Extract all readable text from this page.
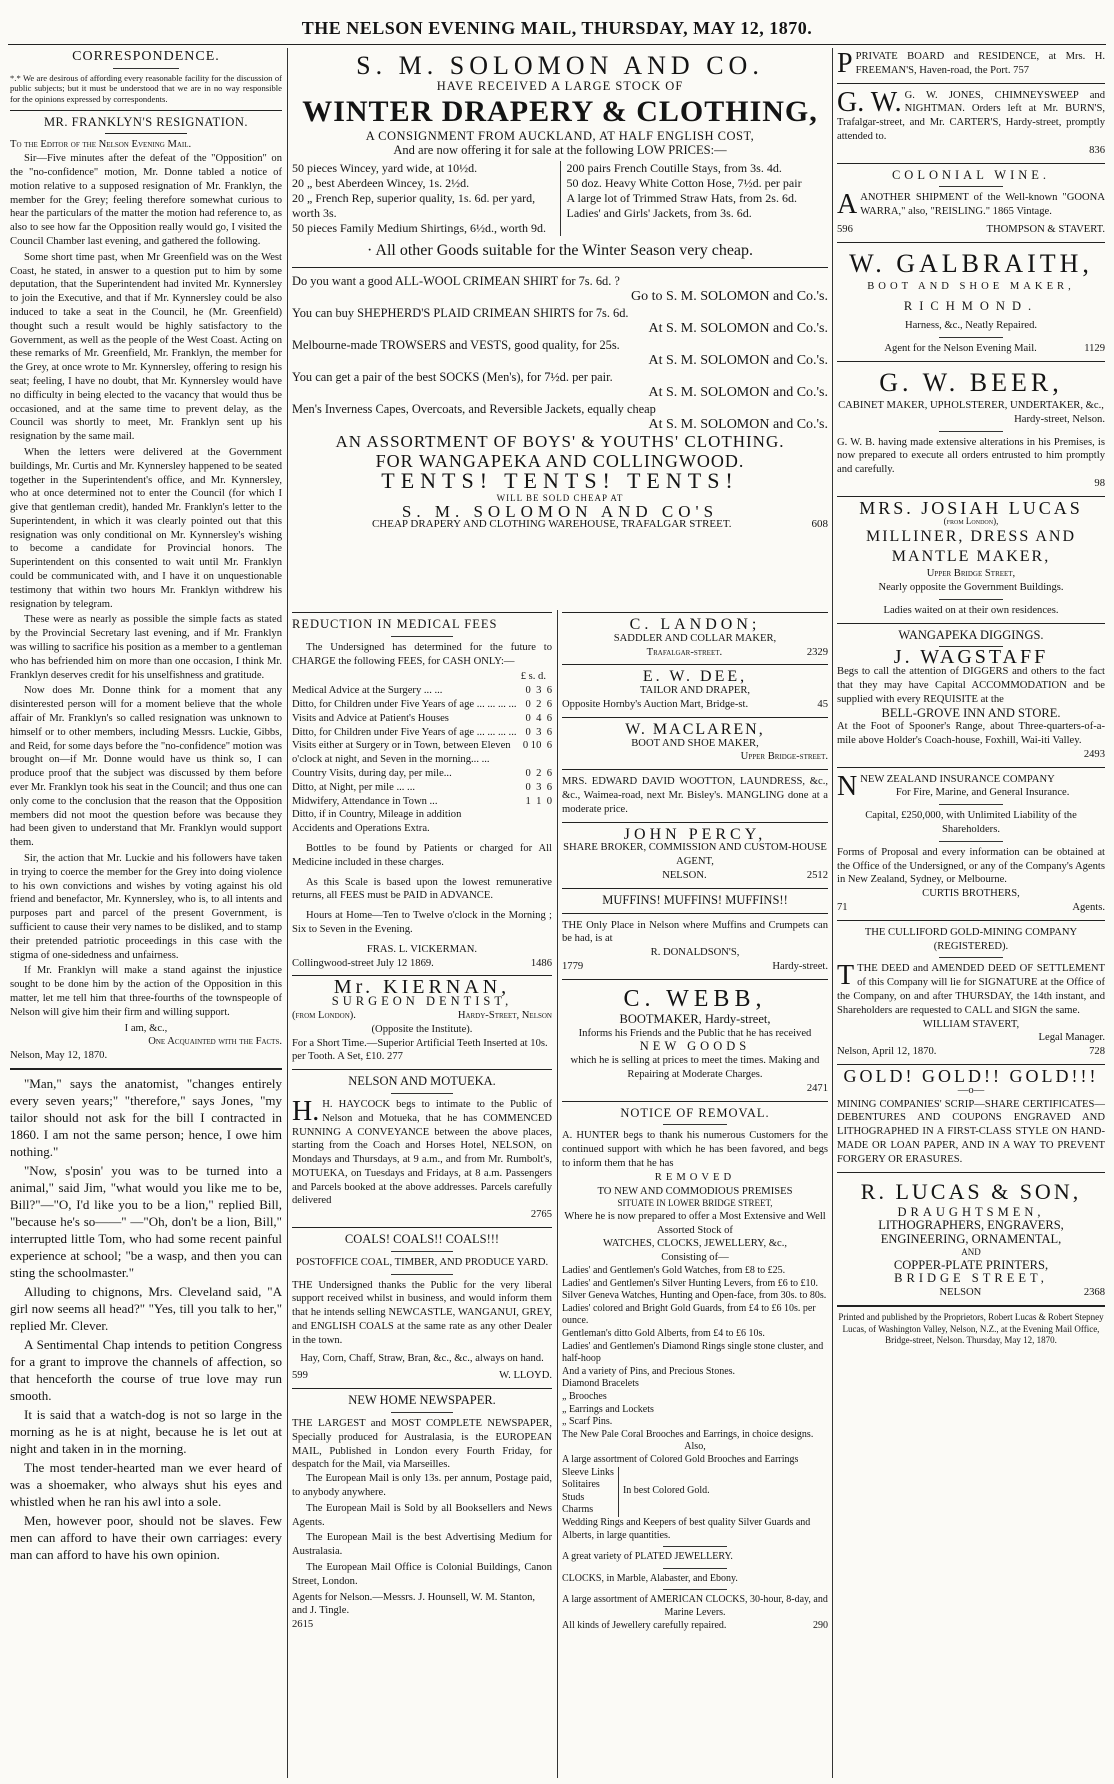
THE NELSON EVENING MAIL, THURSDAY, MAY 12, 1870.
CORRESPONDENCE.
*.* We are desirous of affording every reasonable facility for the discussion of public subjects; but it must be understood that we are in no way responsible for the opinions expressed by correspondents.
MR. FRANKLYN'S RESIGNATION.
To the Editor of the Nelson Evening Mail.

Sir—Five minutes after the defeat of the "Opposition" on the "no-confidence" motion, Mr. Donne tabled a notice of motion relative to a supposed resignation of Mr. Franklyn, the member for the Grey; feeling therefore somewhat curious to hear the particulars of the matter the motion had reference to, as also to see how far the Opposition really would go, I visited the Council Chamber last evening, and gathered the following.

Some short time past, when Mr Greenfield was on the West Coast, he stated, in answer to a question put to him by some deputation, that the Superintendent had invited Mr. Kynnersley to join the Executive, and that if Mr. Kynnersley could be also induced to take a seat in the Council, he (Mr. Greenfield) thought such a result would be highly satisfactory to the Government, as well as the people of the West Coast. Acting on these remarks of Mr. Greenfield, Mr. Franklyn, the member for the Grey, at once wrote to Mr. Kynnersley, offering to resign his seat; feeling, I have no doubt, that Mr. Kynnersley would have no difficulty in being elected to the vacancy that would thus be occasioned, and at the same time to prevent delay, as the Council was shortly to meet, Mr. Franklyn sent up his resignation by the same mail.

When the letters were delivered at the Government buildings, Mr. Curtis and Mr. Kynnersley happened to be seated together in the Superintendent's office, and Mr. Kynnersley, who at once determined not to enter the Council (for which I give that gentleman credit), handed Mr. Franklyn's letter to the Superintendent, in which it was clearly pointed out that this resignation was only conditional on Mr. Kynnersley's wishing to become a candidate for Provincial honors. The Superintendent on this consented to wait until Mr. Franklyn could be communicated with, and I have it on unquestionable testimony that within two hours Mr. Franklyn withdrew his resignation by telegram.

These were as nearly as possible the simple facts as stated by the Provincial Secretary last evening, and if Mr. Franklyn was willing to sacrifice his position as a member to a gentleman who has befriended him on more than one occasion, I think Mr. Franklyn deserves credit for his unselfishness and gratitude.

Now does Mr. Donne think for a moment that any disinterested person will for a moment believe that the whole affair of Mr. Franklyn's so called resignation was unknown to himself or to other members, including Messrs. Luckie, Gibbs, and Reid, for some days before the "no-confidence" motion was brought on—if Mr. Donne would have us think so, I can produce proof that the subject was discussed by them before ever Mr. Franklyn took his seat in the Council; and thus one can only come to the conclusion that the reason that the Opposition members did not moot the question before was because they had been given to understand that Mr. Franklyn would support them.

Sir, the action that Mr. Luckie and his followers have taken in trying to coerce the member for the Grey into doing violence to his own convictions and wishes by voting against his old friend and benefactor, Mr. Kynnersley, who is, to all intents and purposes part and parcel of the present Government, is sufficient to cause their very names to be disliked, and to stamp their pretended patriotic proceedings in this case with the stigma of one-sidedness and unfairness.

If Mr. Franklyn will make a stand against the injustice sought to be done him by the action of the Opposition in this matter, let me tell him that three-fourths of the townspeople of Nelson will give him their firm and willing support.

I am, &c.,
One Acquainted with the Facts.
Nelson, May 12, 1870.

"Man," says the anatomist, "changes entirely every seven years;" "therefore," says Jones, "my tailor should not ask for the bill I contracted in 1860. I am not the same person; hence, I owe him nothing."

"Now, s'posin' you was to be turned into a animal," said Jim, "what would you like me to be, Bill?"—"O, I'd like you to be a lion," replied Bill, "because he's so——" —"Oh, don't be a lion, Bill," interrupted little Tom, who had some recent painful experience at school; "be a wasp, and then you can sting the schoolmaster."

Alluding to chignons, Mrs. Cleveland said, "A girl now seems all head?" "Yes, till you talk to her," replied Mr. Clever.

A Sentimental Chap intends to petition Congress for a grant to improve the channels of affection, so that henceforth the course of true love may run smooth.

It is said that a watch-dog is not so large in the morning as he is at night, because he is let out at night and taken in in the morning.

The most tender-hearted man we ever heard of was a shoemaker, who always shut his eyes and whistled when he ran his awl into a sole.

Men, however poor, should not be slaves. Few men can afford to have their own carriages: every man can afford to have his own opinion.

S. M. SOLOMON AND CO.
HAVE RECEIVED A LARGE STOCK OF
WINTER DRAPERY & CLOTHING,
A CONSIGNMENT FROM AUCKLAND, AT HALF ENGLISH COST,
And are now offering it for sale at the following LOW PRICES:—
50 pieces Wincey, yard wide, at 10½d.
20 „ best Aberdeen Wincey, 1s. 2½d.
20 „ French Rep, superior quality, 1s. 6d. per yard, worth 3s.
50 pieces Family Medium Shirtings, 6½d., worth 9d.
200 pairs French Coutille Stays, from 3s. 4d.
50 doz. Heavy White Cotton Hose, 7½d. per pair
A large lot of Trimmed Straw Hats, from 2s. 6d.
Ladies' and Girls' Jackets, from 3s. 6d.
· All other Goods suitable for the Winter Season very cheap.
Do you want a good ALL-WOOL CRIMEAN SHIRT for 7s. 6d. ?
Go to S. M. SOLOMON and Co.'s.
You can buy SHEPHERD'S PLAID CRIMEAN SHIRTS for 7s. 6d.
At S. M. SOLOMON and Co.'s.
Melbourne-made TROWSERS and VESTS, good quality, for 25s.
At S. M. SOLOMON and Co.'s.
You can get a pair of the best SOCKS (Men's), for 7½d. per pair.
At S. M. SOLOMON and Co.'s.
Men's Inverness Capes, Overcoats, and Reversible Jackets, equally cheap
At S. M. SOLOMON and Co.'s.
AN ASSORTMENT OF BOYS' & YOUTHS' CLOTHING.
FOR WANGAPEKA AND COLLINGWOOD.
TENTS! TENTS! TENTS!
WILL BE SOLD CHEAP AT
S. M. SOLOMON AND CO'S
CHEAP DRAPERY AND CLOTHING WAREHOUSE, TRAFALGAR STREET.	608
REDUCTION IN MEDICAL FEES

The Undersigned has determined for the future to CHARGE the following FEES, for CASH ONLY:—

£ s. d.
Medical Advice at the Surgery ... ...	0  3  6
Ditto, for Children under Five Years of age ... ... ... ... 0  2  6
Visits and Advice at Patient's Houses	0  4  6
Ditto, for Children under Five Years of age ... ... ... ... 0  3  6
Visits either at Surgery or in Town, between Eleven o'clock at night, and Seven in the morning... ...
0 10  6
Country Visits, during day, per mile...	0  2  6
Ditto, at Night, per mile ... ...	0  3  6
Midwifery, Attendance in Town ...	1  1  0
Ditto, if in Country, Mileage in addition
Accidents and Operations Extra.

Bottles to be found by Patients or charged for All Medicine included in these charges.

As this Scale is based upon the lowest remunerative returns, all FEES must be PAID in ADVANCE.

Hours at Home—Ten to Twelve o'clock in the Morning ; Six to Seven in the Evening.

FRAS. L. VICKERMAN.
Collingwood-street July 12 1869.	1486
Mr. KIERNAN,
SURGEON DENTIST,
(from London).	Hardy-Street, Nelson
(Opposite the Institute).
For a Short Time.—Superior Artificial Teeth Inserted at 10s. per Tooth. A Set, £10. 277
NELSON AND MOTUEKA.
H. H. HAYCOCK begs to intimate to the Public of Nelson and Motueka, that he has COMMENCED RUNNING A CONVEYANCE between the above places, starting from the Coach and Horses Hotel, NELSON, on Mondays and Thursdays, at 9 a.m., and from Mr. Rumbolt's, MOTUEKA, on Tuesdays and Fridays, at 8 a.m. Passengers and Parcels booked at the above addresses. Parcels carefully delivered
2765
COALS! COALS!! COALS!!!
POSTOFFICE COAL, TIMBER, AND PRODUCE YARD.
THE Undersigned thanks the Public for the very liberal support received whilst in business, and would inform them that he intends selling NEWCASTLE, WANGANUI, GREY, and ENGLISH COALS at the same rate as any other Dealer in the town.
Hay, Corn, Chaff, Straw, Bran, &c., &c., always on hand.
599	W. LLOYD.
NEW HOME NEWSPAPER.
THE LARGEST and MOST COMPLETE NEWSPAPER, Specially produced for Australasia, is the EUROPEAN MAIL, Published in London every Fourth Friday, for despatch for the Mail, via Marseilles.

The European Mail is only 13s. per annum, Postage paid, to anybody anywhere.

The European Mail is Sold by all Booksellers and News Agents.

The European Mail is the best Advertising Medium for Australasia.

The European Mail Office is Colonial Buildings, Canon Street, London.

Agents for Nelson.—Messrs. J. Hounsell, W. M. Stanton, and J. Tingle.
2615
C. LANDON;
SADDLER AND COLLAR MAKER,
Trafalgar-street.	2329
E. W. DEE,
TAILOR AND DRAPER,
Opposite Hornby's Auction Mart, Bridge-st.	45
W. MACLAREN,
BOOT AND SHOE MAKER,
Upper Bridge-street.
MRS. EDWARD DAVID WOOTTON, LAUNDRESS, &c., &c., Waimea-road, next Mr. Bisley's. MANGLING done at a moderate price.
JOHN PERCY,
SHARE BROKER, COMMISSION AND CUSTOM-HOUSE AGENT,
NELSON.	2512
MUFFINS! MUFFINS! MUFFINS!!
THE Only Place in Nelson where Muffins and Crumpets can be had, is at
R. DONALDSON'S,
1779	Hardy-street.
C. WEBB,
BOOTMAKER, Hardy-street,
Informs his Friends and the Public that he has received
NEW GOODS
which he is selling at prices to meet the times. Making and Repairing at Moderate Charges.
2471
NOTICE OF REMOVAL.
A. HUNTER begs to thank his numerous Customers for the continued support with which he has been favored, and begs to inform them that he has
REMOVED
TO NEW AND COMMODIOUS PREMISES
SITUATE IN LOWER BRIDGE STREET,
Where he is now prepared to offer a Most Extensive and Well Assorted Stock of
WATCHES, CLOCKS, JEWELLERY, &c.,
Consisting of—
Ladies' and Gentlemen's Gold Watches, from £8 to £25.
Ladies' and Gentlemen's Silver Hunting Levers, from £6 to £10.
Silver Geneva Watches, Hunting and Open-face, from 30s. to 80s.
Ladies' colored and Bright Gold Guards, from £4 to £6 10s. per ounce.
Gentleman's ditto Gold Alberts, from £4 to £6 10s.
Ladies' and Gentlemen's Diamond Rings single stone cluster, and half-hoop
And a variety of Pins, and Precious Stones.
Diamond Bracelets
„ Brooches
„ Earrings and Lockets
„ Scarf Pins.
The New Pale Coral Brooches and Earrings, in choice designs.
Also,
A large assortment of Colored Gold Brooches and Earrings
Sleeve Links
Solitaires
Studs
Charms
In best Colored Gold.
Wedding Rings and Keepers of best quality Silver Guards and Alberts, in large quantities.
A great variety of PLATED JEWELLERY.
CLOCKS, in Marble, Alabaster, and Ebony.
A large assortment of AMERICAN CLOCKS, 30-hour, 8-day, and Marine Levers.
All kinds of Jewellery carefully repaired.	290
PPRIVATE BOARD and RESIDENCE, at Mrs. H. FREEMAN'S, Haven-road, the Port. 757
G. W. G. W. JONES, CHIMNEYSWEEP and NIGHTMAN. Orders left at Mr. BURN'S, Trafalgar-street, and Mr. CARTER'S, Hardy-street, promptly attended to.
836
COLONIAL WINE.
AANOTHER SHIPMENT of the Well-known "GOONA WARRA," also, "REISLING." 1865 Vintage.
596	THOMPSON & STAVERT.
W. GALBRAITH,
BOOT AND SHOE MAKER,
RICHMOND.
Harness, &c., Neatly Repaired.
Agent for the Nelson Evening Mail.	1129
G. W. BEER,
CABINET MAKER, UPHOLSTERER, UNDERTAKER, &c.,
Hardy-street, Nelson.
G. W. B. having made extensive alterations in his Premises, is now prepared to execute all orders entrusted to him promptly and carefully.
98
MRS. JOSIAH LUCAS
(from London),
MILLINER, DRESS AND MANTLE MAKER,
Upper Bridge Street,
Nearly opposite the Government Buildings.
Ladies waited on at their own residences.
WANGAPEKA DIGGINGS.
J. WAGSTAFF
Begs to call the attention of DIGGERS and others to the fact that they may have Capital ACCOMMODATION and be supplied with every REQUISITE at the
BELL-GROVE INN AND STORE.
At the Foot of Spooner's Range, about Three-quarters-of-a-mile above Holder's Coach-house, Foxhill, Wai-iti Valley.
2493
NNEW ZEALAND INSURANCE COMPANY
For Fire, Marine, and General Insurance.
Capital, £250,000, with Unlimited Liability of the Shareholders.
Forms of Proposal and every information can be obtained at the Office of the Undersigned, or any of the Company's Agents in New Zealand, Sydney, or Melbourne.
CURTIS BROTHERS,
71	Agents.
THE CULLIFORD GOLD-MINING COMPANY (REGISTERED).
TTHE DEED and AMENDED DEED OF SETTLEMENT of this Company will lie for SIGNATURE at the Office of the Company, on and after THURSDAY, the 14th instant, and Shareholders are requested to CALL and SIGN the same.
WILLIAM STAVERT,
Legal Manager.
Nelson, April 12, 1870.	728
GOLD! GOLD!! GOLD!!!
—o—
MINING COMPANIES' SCRIP—SHARE CERTIFICATES—DEBENTURES AND COUPONS ENGRAVED AND LITHOGRAPHED IN A FIRST-CLASS STYLE ON HAND-MADE OR LOAN PAPER, AND IN A WAY TO PREVENT FORGERY OR ERASURES.
R. LUCAS & SON,
DRAUGHTSMEN,
LITHOGRAPHERS, ENGRAVERS,
ENGINEERING, ORNAMENTAL,
AND
COPPER-PLATE PRINTERS,
BRIDGE STREET,
NELSON	2368
Printed and published by the Proprietors, Robert Lucas & Robert Stepney Lucas, of Washington Valley, Nelson, N.Z., at the Evening Mail Office, Bridge-street, Nelson. Thursday, May 12, 1870.
